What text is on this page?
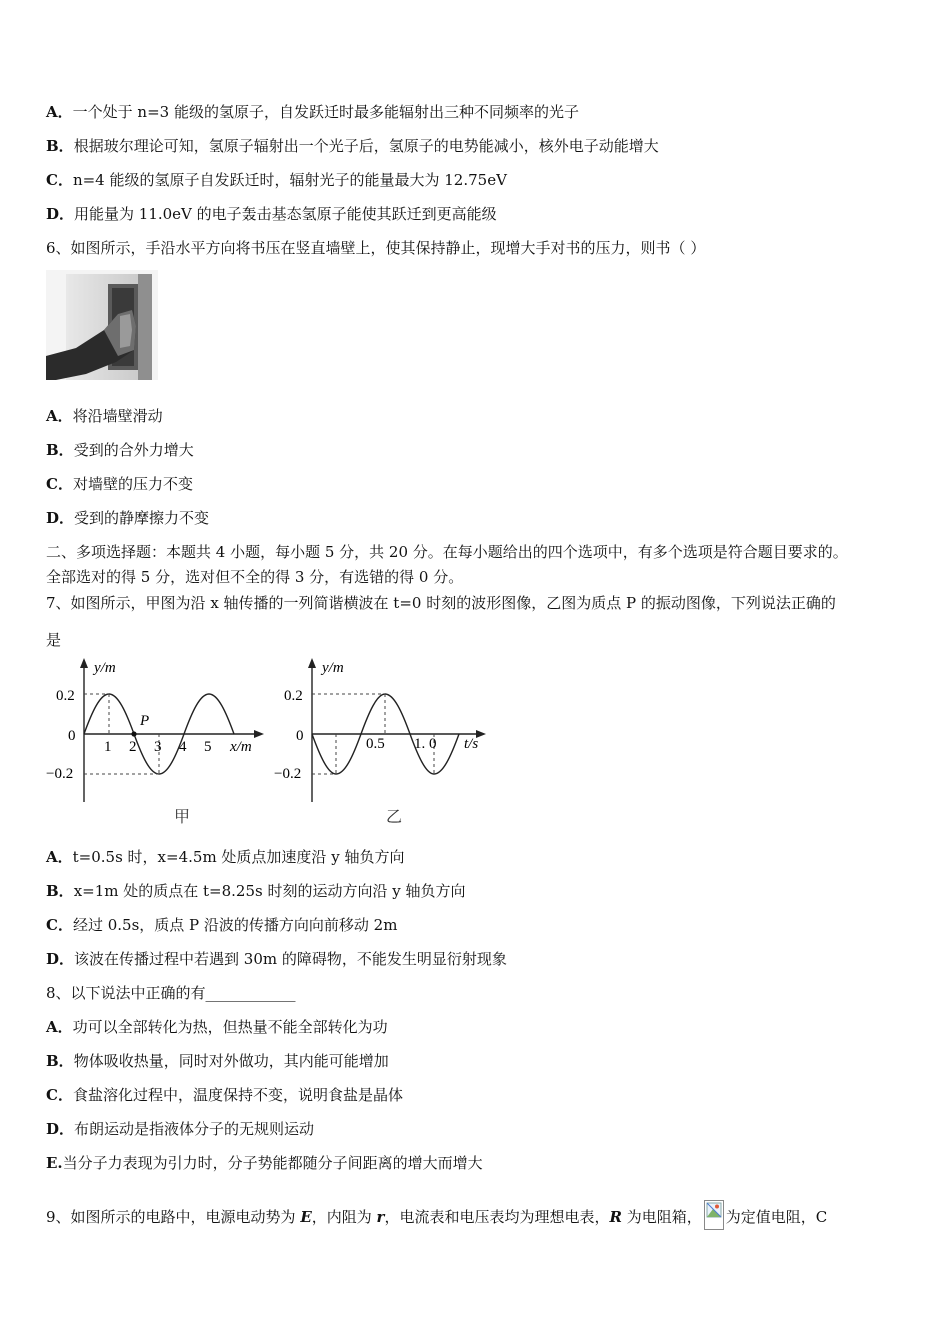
A．一个处于 n=3 能级的氢原子，自发跃迁时最多能辐射出三种不同频率的光子
B．根据玻尔理论可知，氢原子辐射出一个光子后，氢原子的电势能减小，核外电子动能增大
C．n=4 能级的氢原子自发跃迁时，辐射光子的能量最大为 12.75eV
D．用能量为 11.0eV 的电子轰击基态氢原子能使其跃迁到更高能级
6、如图所示，手沿水平方向将书压在竖直墙壁上，使其保持静止，现增大手对书的压力，则书（ ）
A．将沿墙壁滑动
B．受到的合外力增大
C．对墙壁的压力不变
D．受到的静摩擦力不变
二、多项选择题：本题共 4 小题，每小题 5 分，共 20 分。在每小题给出的四个选项中，有多个选项是符合题目要求的。
全部选对的得 5 分，选对但不全的得 3 分，有选错的得 0 分。
7、如图所示，甲图为沿 x 轴传播的一列简谐横波在 t=0 时刻的波形图像，乙图为质点 P 的振动图像，下列说法正确的
是
P
y/m
0.2
0
−0.2
1 2 3 4 5 x/m
甲
y/m
0.2
0
−0.2
0.5 1. 0 t/s
乙
A．t=0.5s 时，x=4.5m 处质点加速度沿 y 轴负方向
B．x=1m 处的质点在 t=8.25s 时刻的运动方向沿 y 轴负方向
C．经过 0.5s，质点 P 沿波的传播方向向前移动 2m
D．该波在传播过程中若遇到 30m 的障碍物，不能发生明显衍射现象
8、以下说法中正确的有____________
A．功可以全部转化为热，但热量不能全部转化为功
B．物体吸收热量，同时对外做功，其内能可能增加
C．食盐溶化过程中，温度保持不变，说明食盐是晶体
D．布朗运动是指液体分子的无规则运动
E.当分子力表现为引力时，分子势能都随分子间距离的增大而增大
9、如图所示的电路中，电源电动势为 E，内阻为 r，电流表和电压表均为理想电表，R 为电阻箱， 为定值电阻，C
